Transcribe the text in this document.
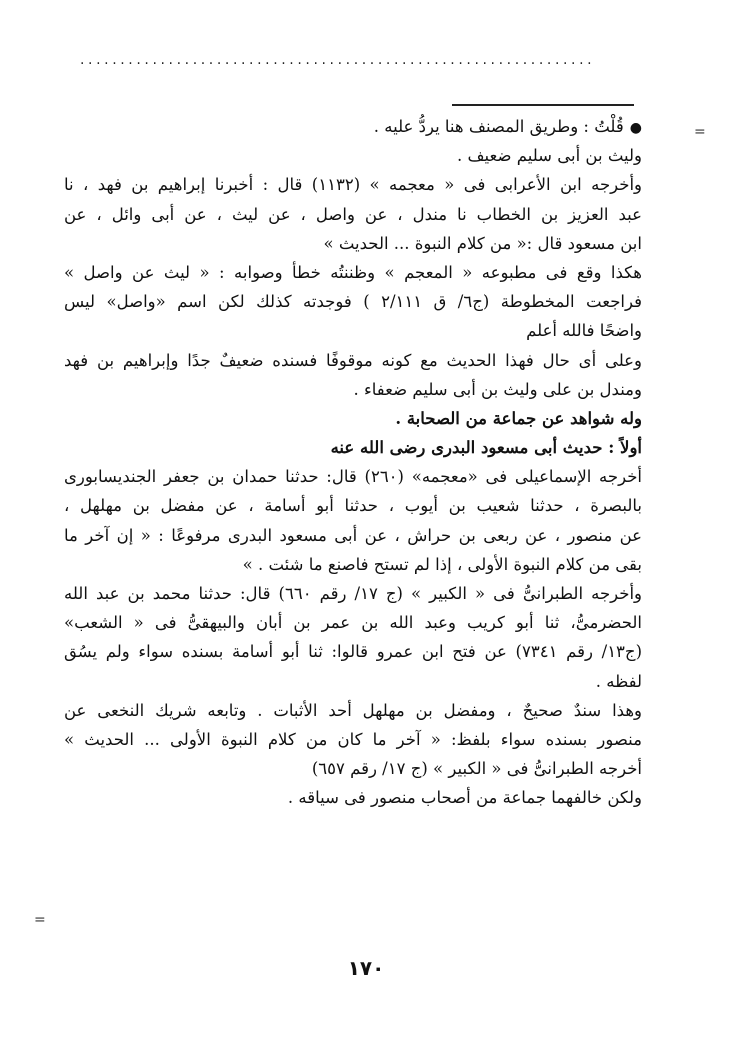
................................................................
=
=
●قُلْتُ : وطريق المصنف هنا يردُّ عليه .
وليث بن أبى سليم ضعيف .
وأخرجه ابن الأعرابى فى « معجمه » (١١٣٢) قال : أخبرنا إبراهيم بن فهد ، نا
عبد العزيز بن الخطاب نا مندل ، عن واصل ، عن ليث ، عن أبى وائل ، عن
ابن مسعود قال :« من كلام النبوة ... الحديث »
هكذا وقع فى مطبوعه « المعجم » وظننتُه خطأ وصوابه : « ليث عن واصل »
فراجعت المخطوطة (ج٦/ ق ٢/١١١ ) فوجدته كذلك لكن اسم «واصل» ليس
واضحًا فالله أعلم
وعلى أى حال فهذا الحديث مع كونه موقوفًا فسنده ضعيفٌ جدًا وإبراهيم بن فهد
ومندل بن على وليث بن أبى سليم ضعفاء .
وله شواهد عن جماعة من الصحابة .
أولاً : حديث أبى مسعود البدرى رضى الله عنه
أخرجه الإسماعيلى فى «معجمه» (٢٦٠) قال: حدثنا حمدان بن جعفر الجنديسابورى
بالبصرة ، حدثنا شعيب بن أيوب ، حدثنا أبو أسامة ، عن مفضل بن مهلهل ،
عن منصور ، عن ربعى بن حراش ، عن أبى مسعود البدرى مرفوعًا : « إن آخر ما
بقى من كلام النبوة الأولى ، إذا لم تستح فاصنع ما شئت . »
وأخرجه الطبرانىُّ فى « الكبير » (ج ١٧/ رقم ٦٦٠) قال: حدثنا محمد بن عبد الله
الحضرمىُّ، ثنا أبو كريب وعبد الله بن عمر بن أبان والبيهقىُّ فى « الشعب»
(ج١٣/ رقم ٧٣٤١) عن فتح ابن عمرو قالوا: ثنا أبو أسامة بسنده سواء ولم يسُق
لفظه .
وهذا سندٌ صحيحٌ ، ومفضل بن مهلهل أحد الأثبات . وتابعه شريك النخعى عن
منصور بسنده سواء بلفظ: « آخر ما كان من كلام النبوة الأولى ... الحديث »
أخرجه الطبرانىُّ فى « الكبير » (ج ١٧/ رقم ٦٥٧)
ولكن خالفهما جماعة من أصحاب منصور فى سياقه .
١٧٠
